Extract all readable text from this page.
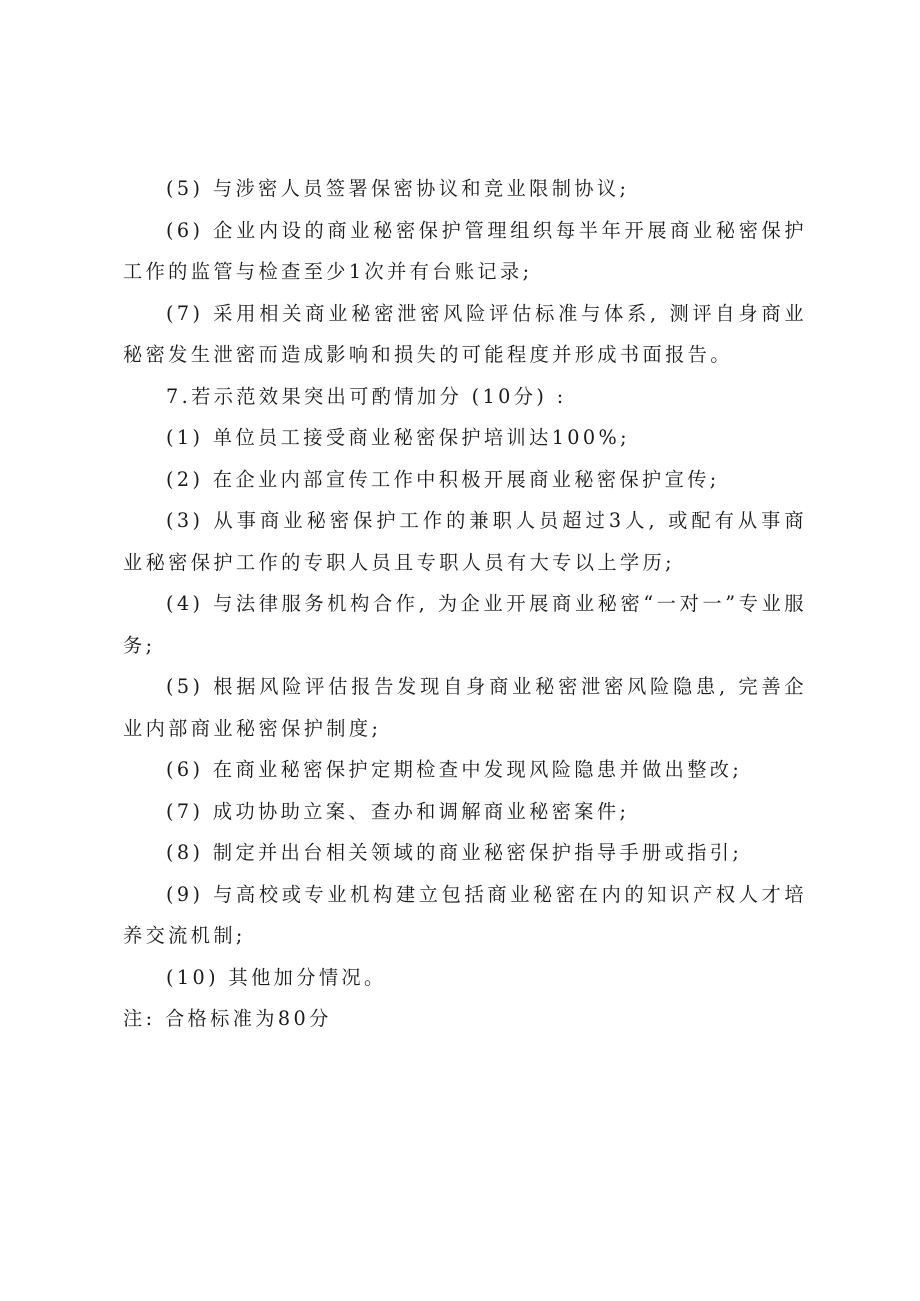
(5) 与涉密人员签署保密协议和竞业限制协议;

(6) 企业内设的商业秘密保护管理组织每半年开展商业秘密保护工作的监管与检查至少1次并有台账记录;

(7) 采用相关商业秘密泄密风险评估标准与体系, 测评自身商业秘密发生泄密而造成影响和损失的可能程度并形成书面报告。

7.若示范效果突出可酌情加分 (10分) :

(1) 单位员工接受商业秘密保护培训达100%;

(2) 在企业内部宣传工作中积极开展商业秘密保护宣传;

(3) 从事商业秘密保护工作的兼职人员超过3人, 或配有从事商业秘密保护工作的专职人员且专职人员有大专以上学历;

(4) 与法律服务机构合作, 为企业开展商业秘密“一对一”专业服务;

(5) 根据风险评估报告发现自身商业秘密泄密风险隐患, 完善企业内部商业秘密保护制度;

(6) 在商业秘密保护定期检查中发现风险隐患并做出整改;

(7) 成功协助立案、查办和调解商业秘密案件;

(8) 制定并出台相关领域的商业秘密保护指导手册或指引;

(9) 与高校或专业机构建立包括商业秘密在内的知识产权人才培养交流机制;

(10) 其他加分情况。

注: 合格标准为80分
